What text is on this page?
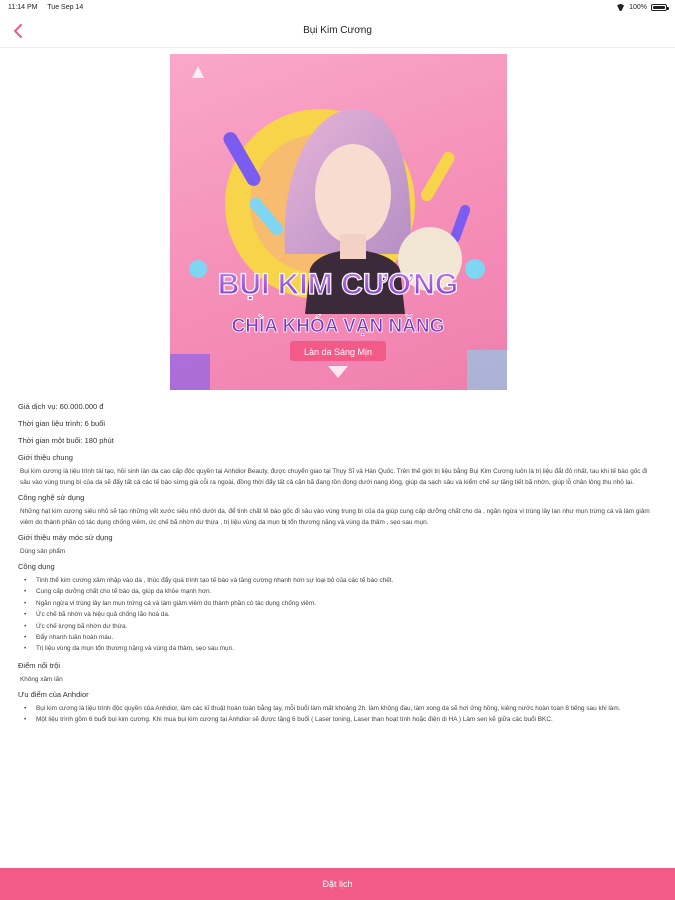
11:14 PM Tue Sep 14	100%
Bụi Kim Cương
BỤI KIM CƯƠNG
CHÌA KHÓA VẠN NĂNG
Làn da Sáng Mịn
Giá dịch vụ: 60.000.000 đ
Thời gian liệu trình: 6 buổi
Thời gian một buổi: 180 phút
Giới thiệu chung
Bụi kim cương là liệu trình tái tạo, hồi sinh làn da cao cấp độc quyền tại Anhdior Beauty, được chuyển giao tại Thụy Sĩ và Hàn Quốc. Trên thế giới trị liệu bằng Bụi Kim Cương luôn là trị liệu đắt đỏ nhất, tau khi tế bào gốc đi sâu vào vùng trung bì của da sẽ đẩy tất cả các tế bào sừng già cỗi ra ngoài, đồng thời đẩy tất cả cặn bã đang tồn đọng dưới nang lông, giúp da sạch sâu và kiểm chế sự tăng tiết bã nhờn, giúp lỗ chân lông thu nhỏ lại.
Công nghệ sử dụng
Những hạt kim cương siêu nhỏ sẽ tạo những vết xước siêu nhỏ dưới da, để tinh chất tế bào gốc đi sâu vào vùng trung bì của da giúp cung cấp dưỡng chất cho da , ngăn ngừa vi trùng lây lan như mụn trứng cá và làm giảm viêm do thành phần có tác dụng chống viêm, ức chế bã nhờn dư thừa , trị liệu vùng da mụn bị tổn thương nặng và vùng da thâm , sẹo sau mụn.
Giới thiệu máy móc sử dụng
Dùng sản phẩm
Công dụng
• Tinh thể kim cương xâm nhập vào da , thúc đẩy quá trình tạo tế bào và tăng cường nhanh hơn sự loại bỏ của các tế bào chết.
• Cung cấp dưỡng chất cho tế bào da, giúp da khỏe mạnh hơn.
• Ngăn ngừa vi trùng lây lan mụn trứng cá và làm giảm viêm do thành phần có tác dụng chống viêm.
• Ức chế bã nhờn và hiệu quả chống lão hoá da.
• Ức chế lượng bã nhờn dư thừa.
• Đẩy nhanh tuần hoàn máu.
• Trị liệu vùng da mụn tổn thương nặng và vùng da thâm, sẹo sau mụn.
Điểm nổi trội
Không xâm lấn
Ưu điểm của Anhdior
• Bụi kim cương là liệu trình độc quyền của Anhdior, làm các kĩ thuật hoàn toàn bằng tay, mỗi buổi làm mất khoảng 2h. làm không đau, làm xong da sẽ hơi ửng hồng, kiêng nước hoàn toàn 8 tiếng sau khi làm.
• Một liệu trình gồm 6 buổi bụi kim cương. Khi mua bụi kim cương tại Anhdior sẽ được tặng 6 buổi ( Laser toning, Laser than hoạt tính hoặc điện di HA ) Làm sen kẽ giữa các buổi BKC.
Đặt lịch
